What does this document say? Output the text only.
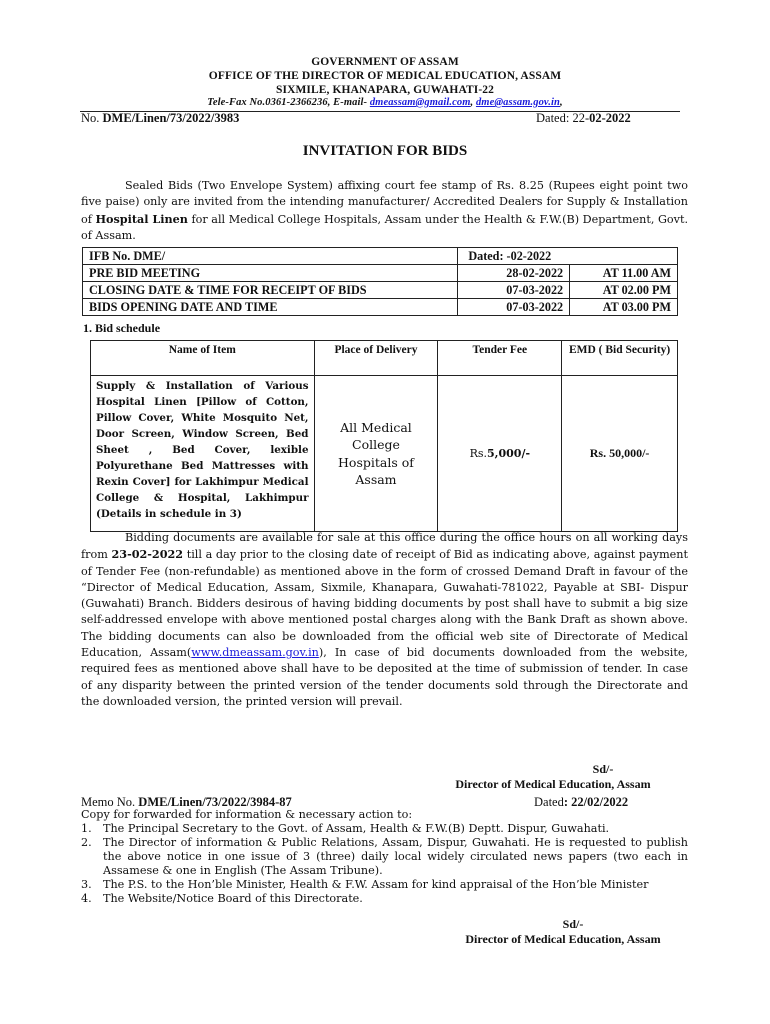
GOVERNMENT OF ASSAM
OFFICE OF THE DIRECTOR OF MEDICAL EDUCATION, ASSAM
SIXMILE, KHANAPARA, GUWAHATI-22
Tele-Fax No.0361-2366236, E-mail- dmeassam@gmail.com, dme@assam.gov.in,
No. DME/Linen/73/2022/3983	Dated: 22-02-2022
INVITATION FOR BIDS

Sealed Bids (Two Envelope System) affixing court fee stamp of Rs. 8.25 (Rupees eight point two five paise) only are invited from the intending manufacturer/ Accredited Dealers for Supply & Installation of Hospital Linen for all Medical College Hospitals, Assam under the Health & F.W.(B) Department, Govt. of Assam.

IFB No. DME/	Dated: -02-2022	
PRE BID MEETING	28-02-2022	AT 11.00 AM
CLOSING DATE & TIME FOR RECEIPT OF BIDS	07-03-2022	AT 02.00 PM
BIDS OPENING DATE AND TIME	07-03-2022	AT 03.00 PM
1. Bid schedule
Name of Item	Place of Delivery	Tender Fee	EMD ( Bid Security)
Supply & Installation of Various Hospital Linen [Pillow of Cotton, Pillow Cover, White Mosquito Net, Door Screen, Window Screen, Bed Sheet , Bed Cover, lexible Polyurethane Bed Mattresses with Rexin Cover] for Lakhimpur Medical College & Hospital, Lakhimpur (Details in schedule in 3)	All Medical College Hospitals of Assam	Rs.5,000/-	Rs. 50,000/-

Bidding documents are available for sale at this office during the office hours on all working days from 23-02-2022 till a day prior to the closing date of receipt of Bid as indicating above, against payment of Tender Fee (non-refundable) as mentioned above in the form of crossed Demand Draft in favour of the “Director of Medical Education, Assam, Sixmile, Khanapara, Guwahati-781022, Payable at SBI- Dispur (Guwahati) Branch. Bidders desirous of having bidding documents by post shall have to submit a big size self-addressed envelope with above mentioned postal charges along with the Bank Draft as shown above. The bidding documents can also be downloaded from the official web site of Directorate of Medical Education, Assam(www.dmeassam.gov.in), In case of bid documents downloaded from the website, required fees as mentioned above shall have to be deposited at the time of submission of tender. In case of any disparity between the printed version of the tender documents sold through the Directorate and the downloaded version, the printed version will prevail.

Sd/-
Director of Medical Education, Assam
Memo No. DME/Linen/73/2022/3984-87	Dated: 22/02/2022
Copy for forwarded for information & necessary action to:
1. The Principal Secretary to the Govt. of Assam, Health & F.W.(B) Deptt. Dispur, Guwahati.
2. The Director of information & Public Relations, Assam, Dispur, Guwahati. He is requested to publish the above notice in one issue of 3 (three) daily local widely circulated news papers (two each in Assamese & one in English (The Assam Tribune).
3. The P.S. to the Hon’ble Minister, Health & F.W. Assam for kind appraisal of the Hon’ble Minister
4. The Website/Notice Board of this Directorate.
Sd/-
Director of Medical Education, Assam
